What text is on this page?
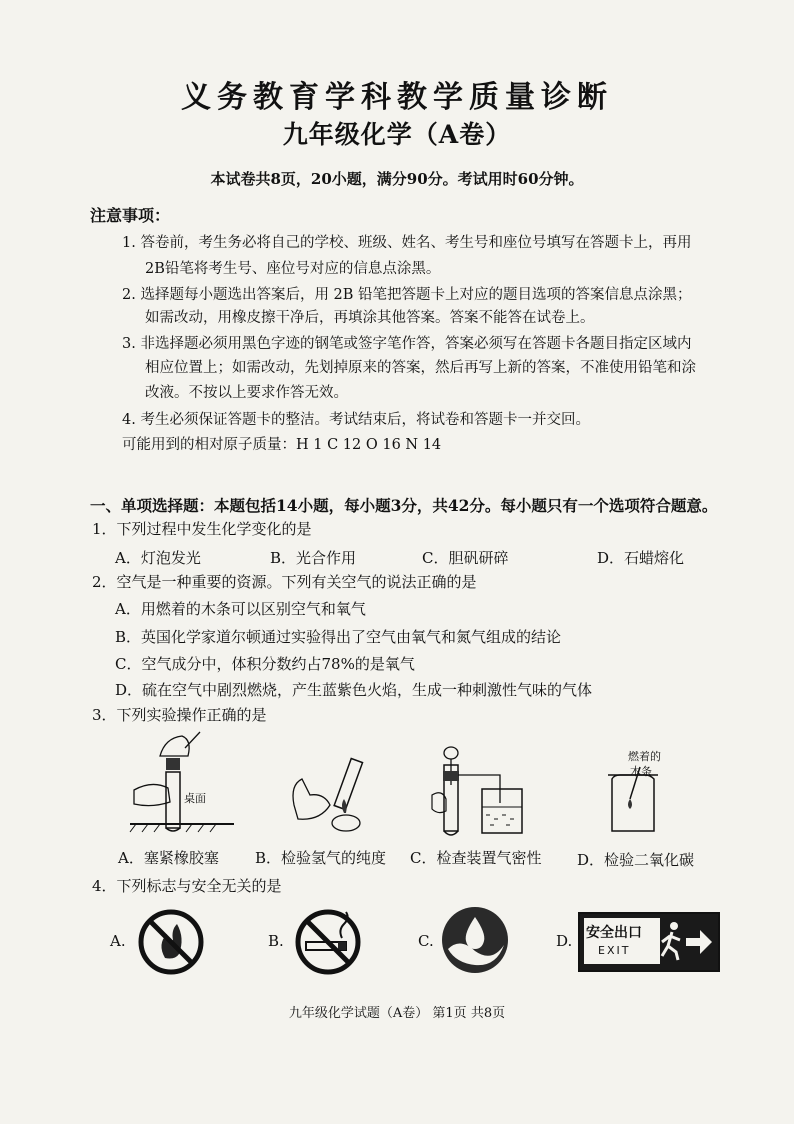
义务教育学科教学质量诊断
九年级化学（A卷）
本试卷共8页，20小题，满分90分。考试用时60分钟。
注意事项：
1. 答卷前，考生务必将自己的学校、班级、姓名、考生号和座位号填写在答题卡上，再用
2B铅笔将考生号、座位号对应的信息点涂黑。
2. 选择题每小题选出答案后，用 2B 铅笔把答题卡上对应的题目选项的答案信息点涂黑；
如需改动，用橡皮擦干净后，再填涂其他答案。答案不能答在试卷上。
3. 非选择题必须用黑色字迹的钢笔或签字笔作答，答案必须写在答题卡各题目指定区域内
相应位置上；如需改动，先划掉原来的答案，然后再写上新的答案，不准使用铅笔和涂
改液。不按以上要求作答无效。
4. 考生必须保证答题卡的整洁。考试结束后，将试卷和答题卡一并交回。
可能用到的相对原子质量：H 1 C 12 O 16 N 14
一、单项选择题：本题包括14小题，每小题3分，共42分。每小题只有一个选项符合题意。
1．下列过程中发生化学变化的是
A．灯泡发光	B．光合作用	C．胆矾研碎	D．石蜡熔化
2．空气是一种重要的资源。下列有关空气的说法正确的是
A．用燃着的木条可以区别空气和氧气
B．英国化学家道尔顿通过实验得出了空气由氧气和氮气组成的结论
C．空气成分中，体积分数约占78%的是氧气
D．硫在空气中剧烈燃烧，产生蓝紫色火焰，生成一种刺激性气味的气体
3．下列实验操作正确的是
桌面
燃着的
木条
A．塞紧橡胶塞 B．检验氢气的纯度 C．检查装置气密性 D．检验二氧化碳
4．下列标志与安全无关的是
A.	B.	C.	D. 安全出口
EXIT
九年级化学试题（A卷） 第1页 共8页
